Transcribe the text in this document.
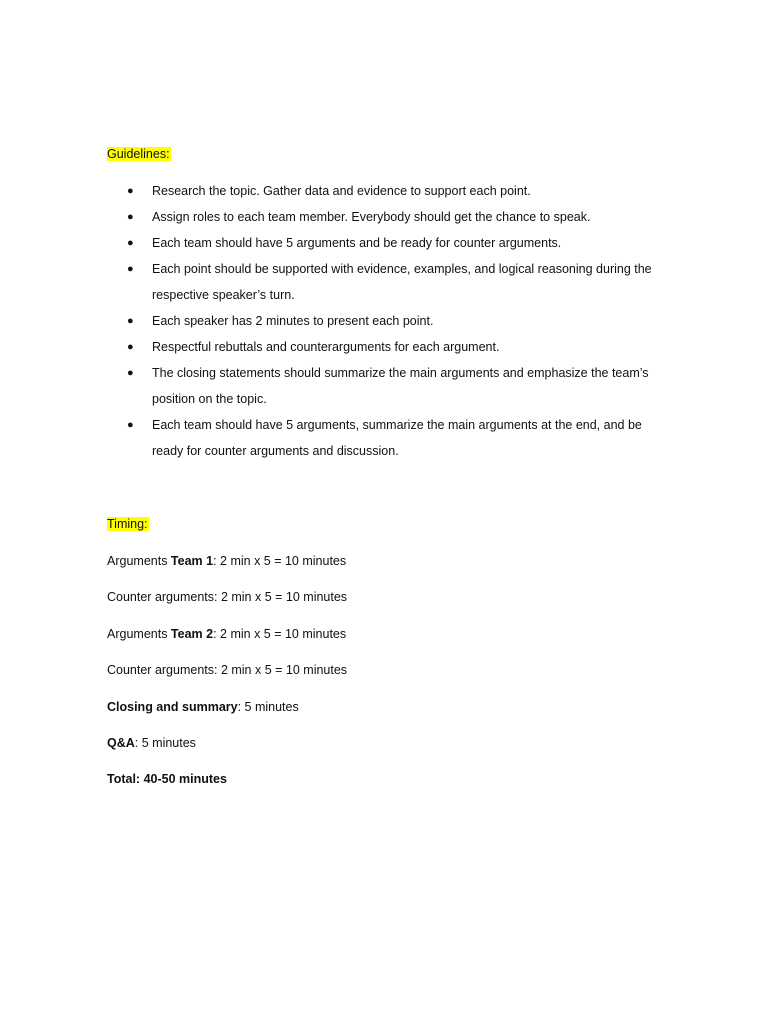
Guidelines:
● Research the topic. Gather data and evidence to support each point.
● Assign roles to each team member. Everybody should get the chance to speak.
● Each team should have 5 arguments and be ready for counter arguments.
● Each point should be supported with evidence, examples, and logical reasoning during the respective speaker’s turn.
● Each speaker has 2 minutes to present each point.
● Respectful rebuttals and counterarguments for each argument.
● The closing statements should summarize the main arguments and emphasize the team’s position on the topic.
● Each team should have 5 arguments, summarize the main arguments at the end, and be ready for counter arguments and discussion.
Timing:
Arguments Team 1: 2 min x 5 = 10 minutes
Counter arguments: 2 min x 5 = 10 minutes
Arguments Team 2: 2 min x 5 = 10 minutes
Counter arguments: 2 min x 5 = 10 minutes
Closing and summary: 5 minutes
Q&A: 5 minutes
Total: 40-50 minutes
